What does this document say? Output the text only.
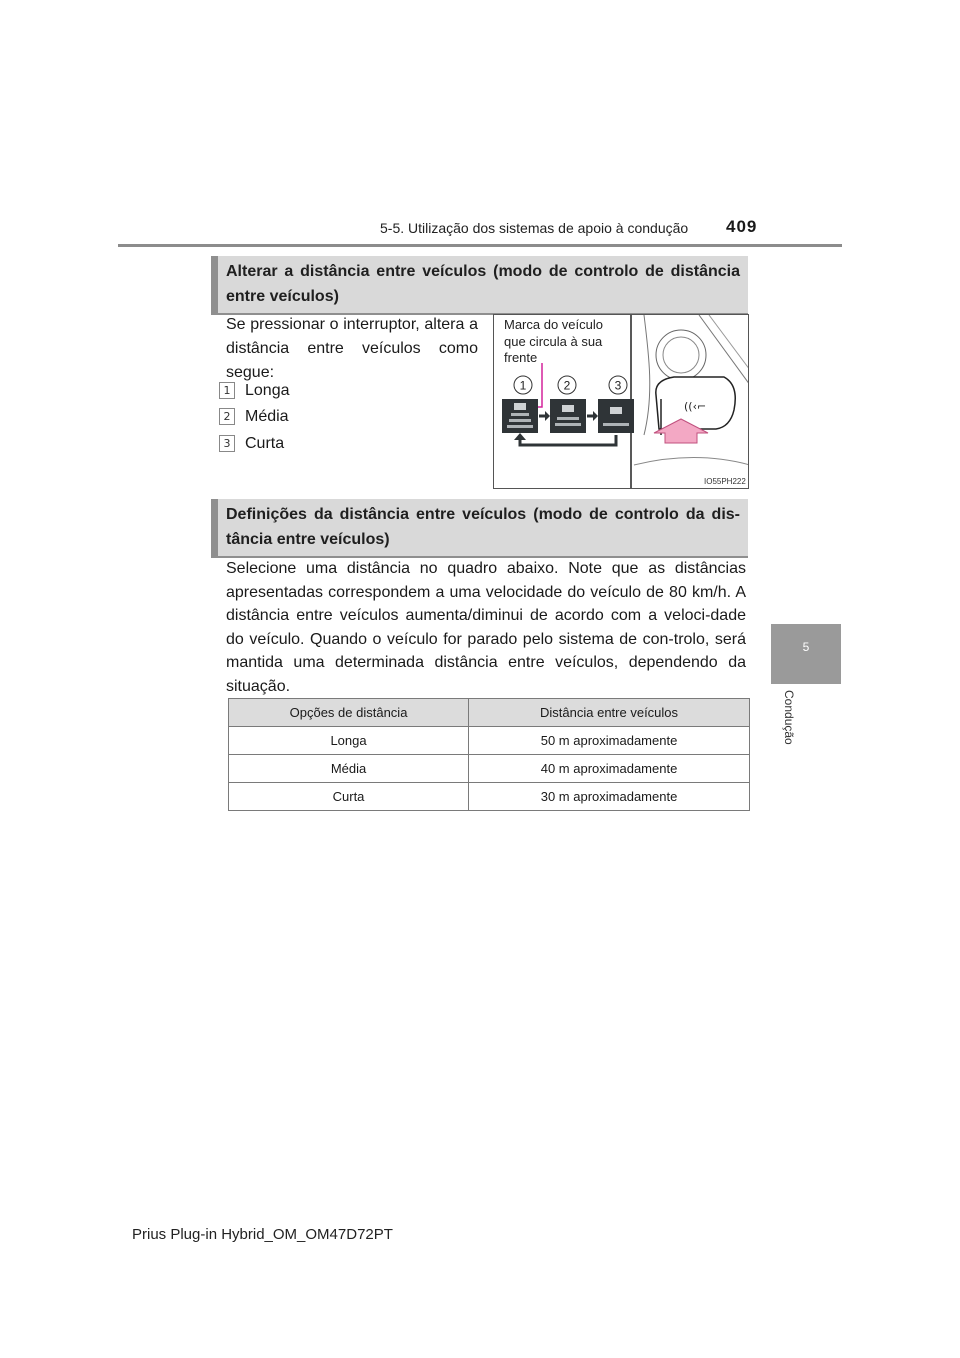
5-5. Utilização dos sistemas de apoio à condução 409
5
Condução
Alterar a distância entre veículos (modo de controlo de distância entre veículos)
Se pressionar o interruptor, altera a distância entre veículos como segue:
1 Longa
2 Média
3 Curta
((‹⌐
1	2	3
Marca do veículo que circula à sua frente
IO55PH222
Definições da distância entre veículos (modo de controlo da dis-tância entre veículos)
Selecione uma distância no quadro abaixo. Note que as distâncias apresentadas correspondem a uma velocidade do veículo de 80 km/h. A distância entre veículos aumenta/diminui de acordo com a veloci-dade do veículo. Quando o veículo for parado pelo sistema de con-trolo, será mantida uma determinada distância entre veículos, dependendo da situação.
Opções de distância	Distância entre veículos
Longa	50 m aproximadamente
Média	40 m aproximadamente
Curta	30 m aproximadamente
Prius Plug-in Hybrid_OM_OM47D72PT
